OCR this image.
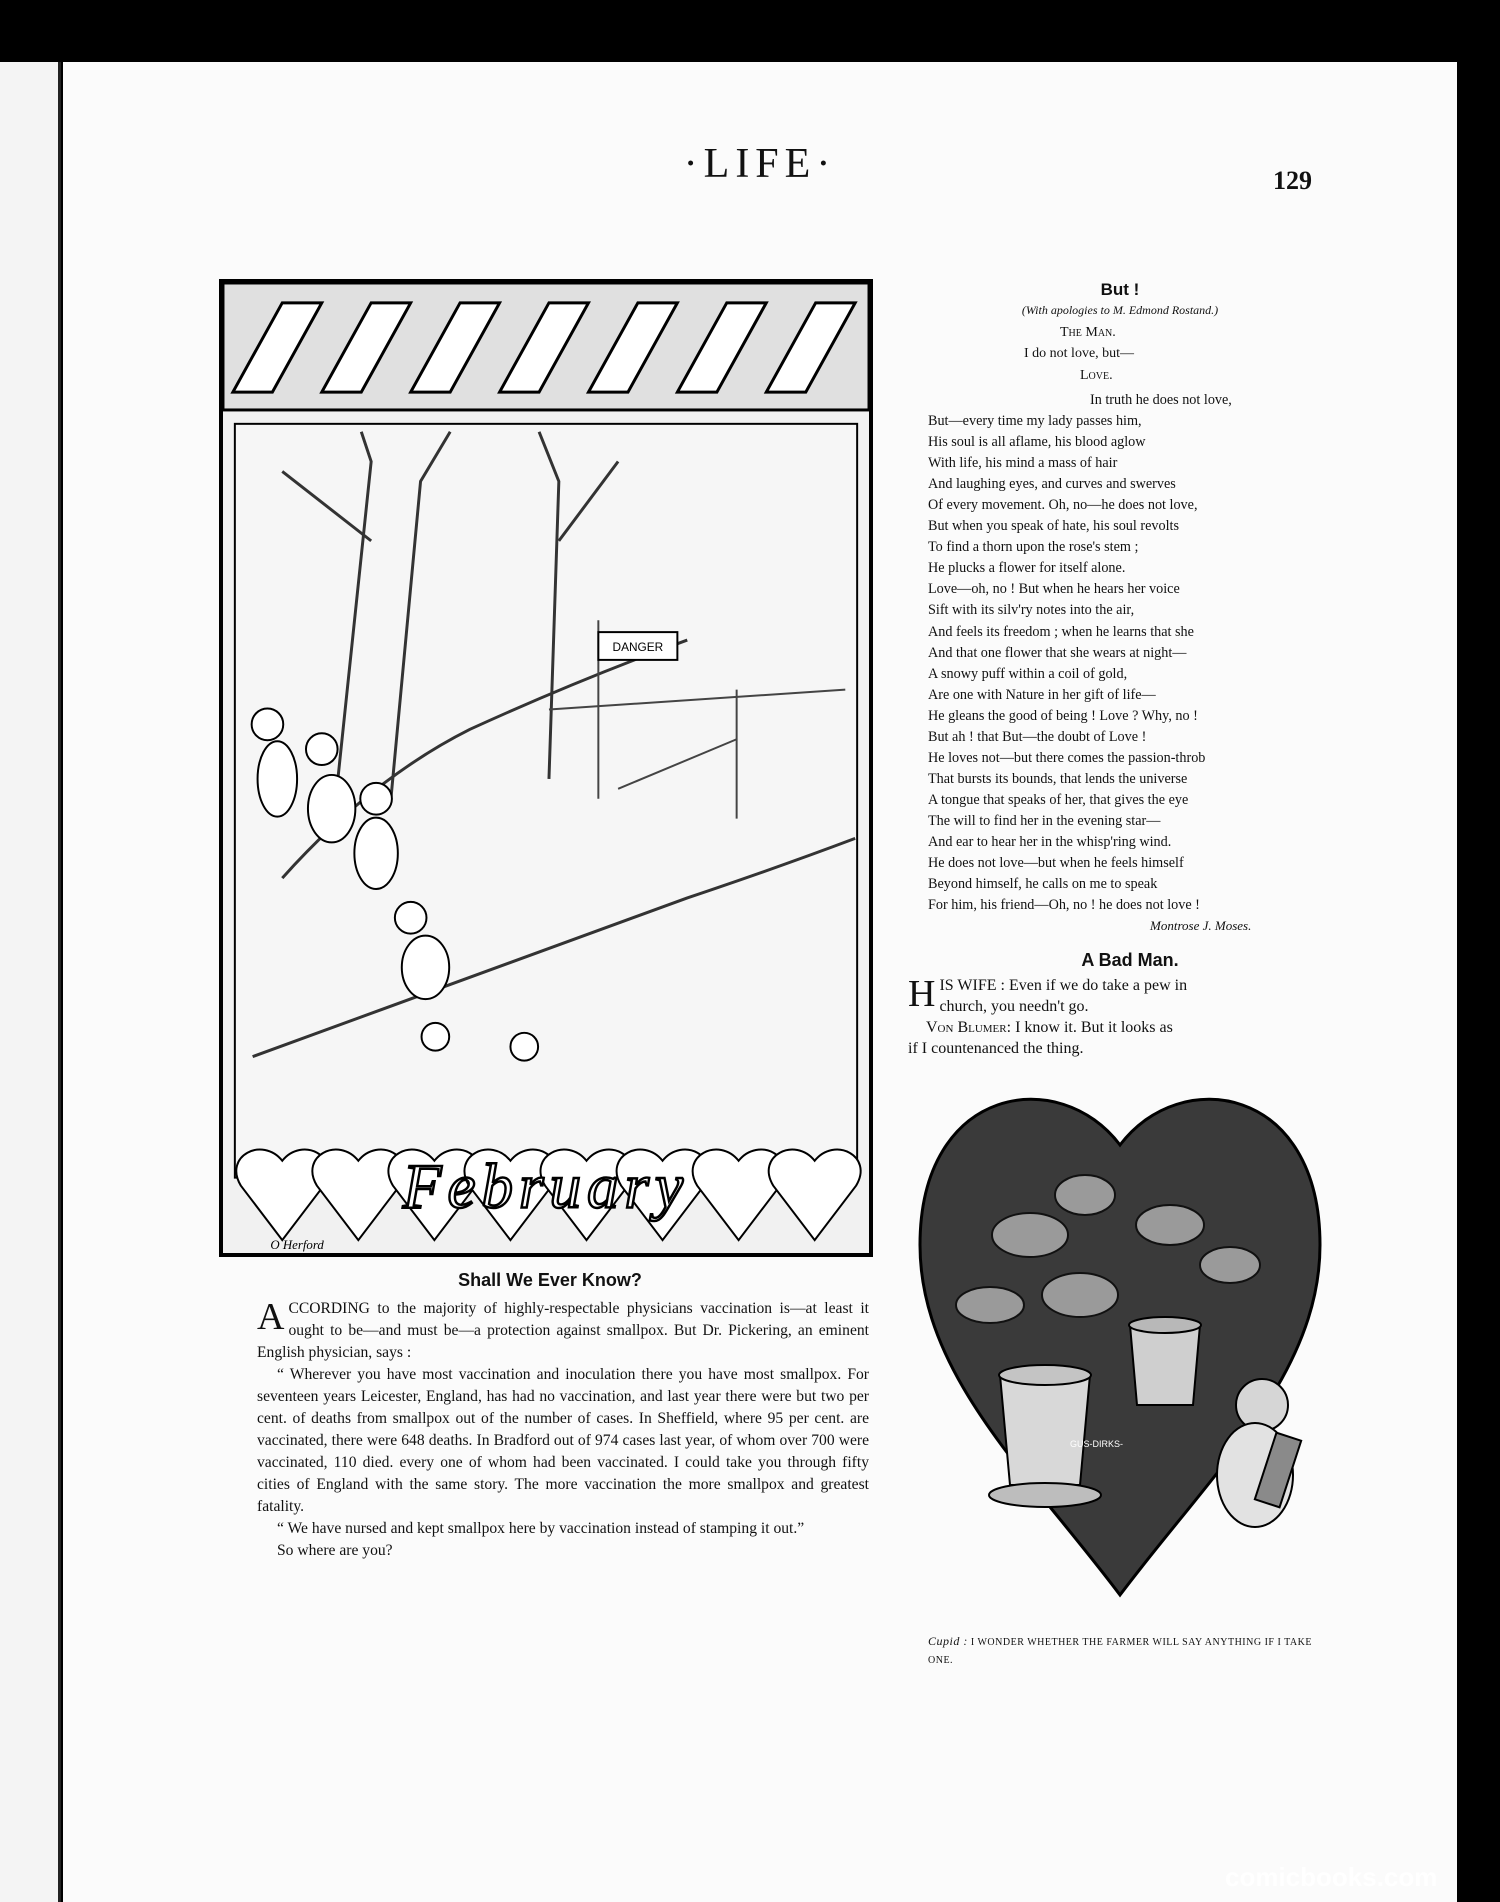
·LIFE·	129
DANGER
February
O Herford
But !
(With apologies to M. Edmond Rostand.)
The Man.
I do not love, but—
Love.
In truth he does not love,
But—every time my lady passes him,
His soul is all aflame, his blood aglow
With life, his mind a mass of hair
And laughing eyes, and curves and swerves
Of every movement. Oh, no—he does not love,
But when you speak of hate, his soul revolts
To find a thorn upon the rose's stem ;
He plucks a flower for itself alone.
Love—oh, no ! But when he hears her voice
Sift with its silv'ry notes into the air,
And feels its freedom ; when he learns that she
And that one flower that she wears at night—
A snowy puff within a coil of gold,
Are one with Nature in her gift of life—
He gleans the good of being ! Love ? Why, no !
But ah ! that But—the doubt of Love !
He loves not—but there comes the passion-throb
That bursts its bounds, that lends the universe
A tongue that speaks of her, that gives the eye
The will to find her in the evening star—
And ear to hear her in the whisp'ring wind.
He does not love—but when he feels himself
Beyond himself, he calls on me to speak
For him, his friend—Oh, no ! he does not love !
Montrose J. Moses.
A Bad Man.
H IS WIFE : Even if we do take a pew in
church, you needn't go.
Von Blumer: I know it. But it looks as
if I countenanced the thing.
GUS-DIRKS-
Cupid : I WONDER WHETHER THE FARMER WILL SAY ANYTHING IF I TAKE ONE.
Shall We Ever Know?

ACCORDING to the majority of highly-respectable physicians vaccination is—at least it ought to be—and must be—a protection against smallpox. But Dr. Pickering, an eminent English physician, says :

“ Wherever you have most vaccination and inoculation there you have most smallpox. For seventeen years Leicester, England, has had no vaccination, and last year there were but two per cent. of deaths from smallpox out of the number of cases. In Sheffield, where 95 per cent. are vaccinated, there were 648 deaths. In Bradford out of 974 cases last year, of whom over 700 were vaccinated, 110 died. every one of whom had been vaccinated. I could take you through fifty cities of England with the same story. The more vaccination the more smallpox and greatest fatality.

“ We have nursed and kept smallpox here by vaccination instead of stamping it out.”

So where are you?

comicbooks.com
